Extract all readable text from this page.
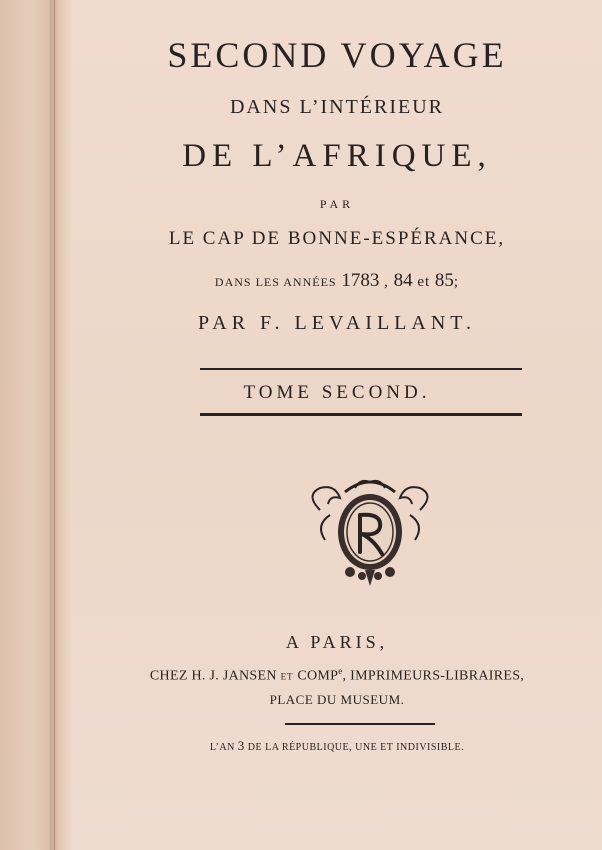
SECOND VOYAGE
DANS L’INTÉRIEUR
DE L’AFRIQUE,
PAR
LE CAP DE BONNE-ESPÉRANCE,
DANS LES ANNÉES 1783 , 84 et 85;
PAR F. LEVAILLANT.
TOME SECOND.
A PARIS,
CHEZ H. J. JANSEN ET COMP$^e$, IMPRIMEURS-LIBRAIRES,
PLACE DU MUSEUM.
L’AN 3 DE LA RÉPUBLIQUE, UNE ET INDIVISIBLE.
